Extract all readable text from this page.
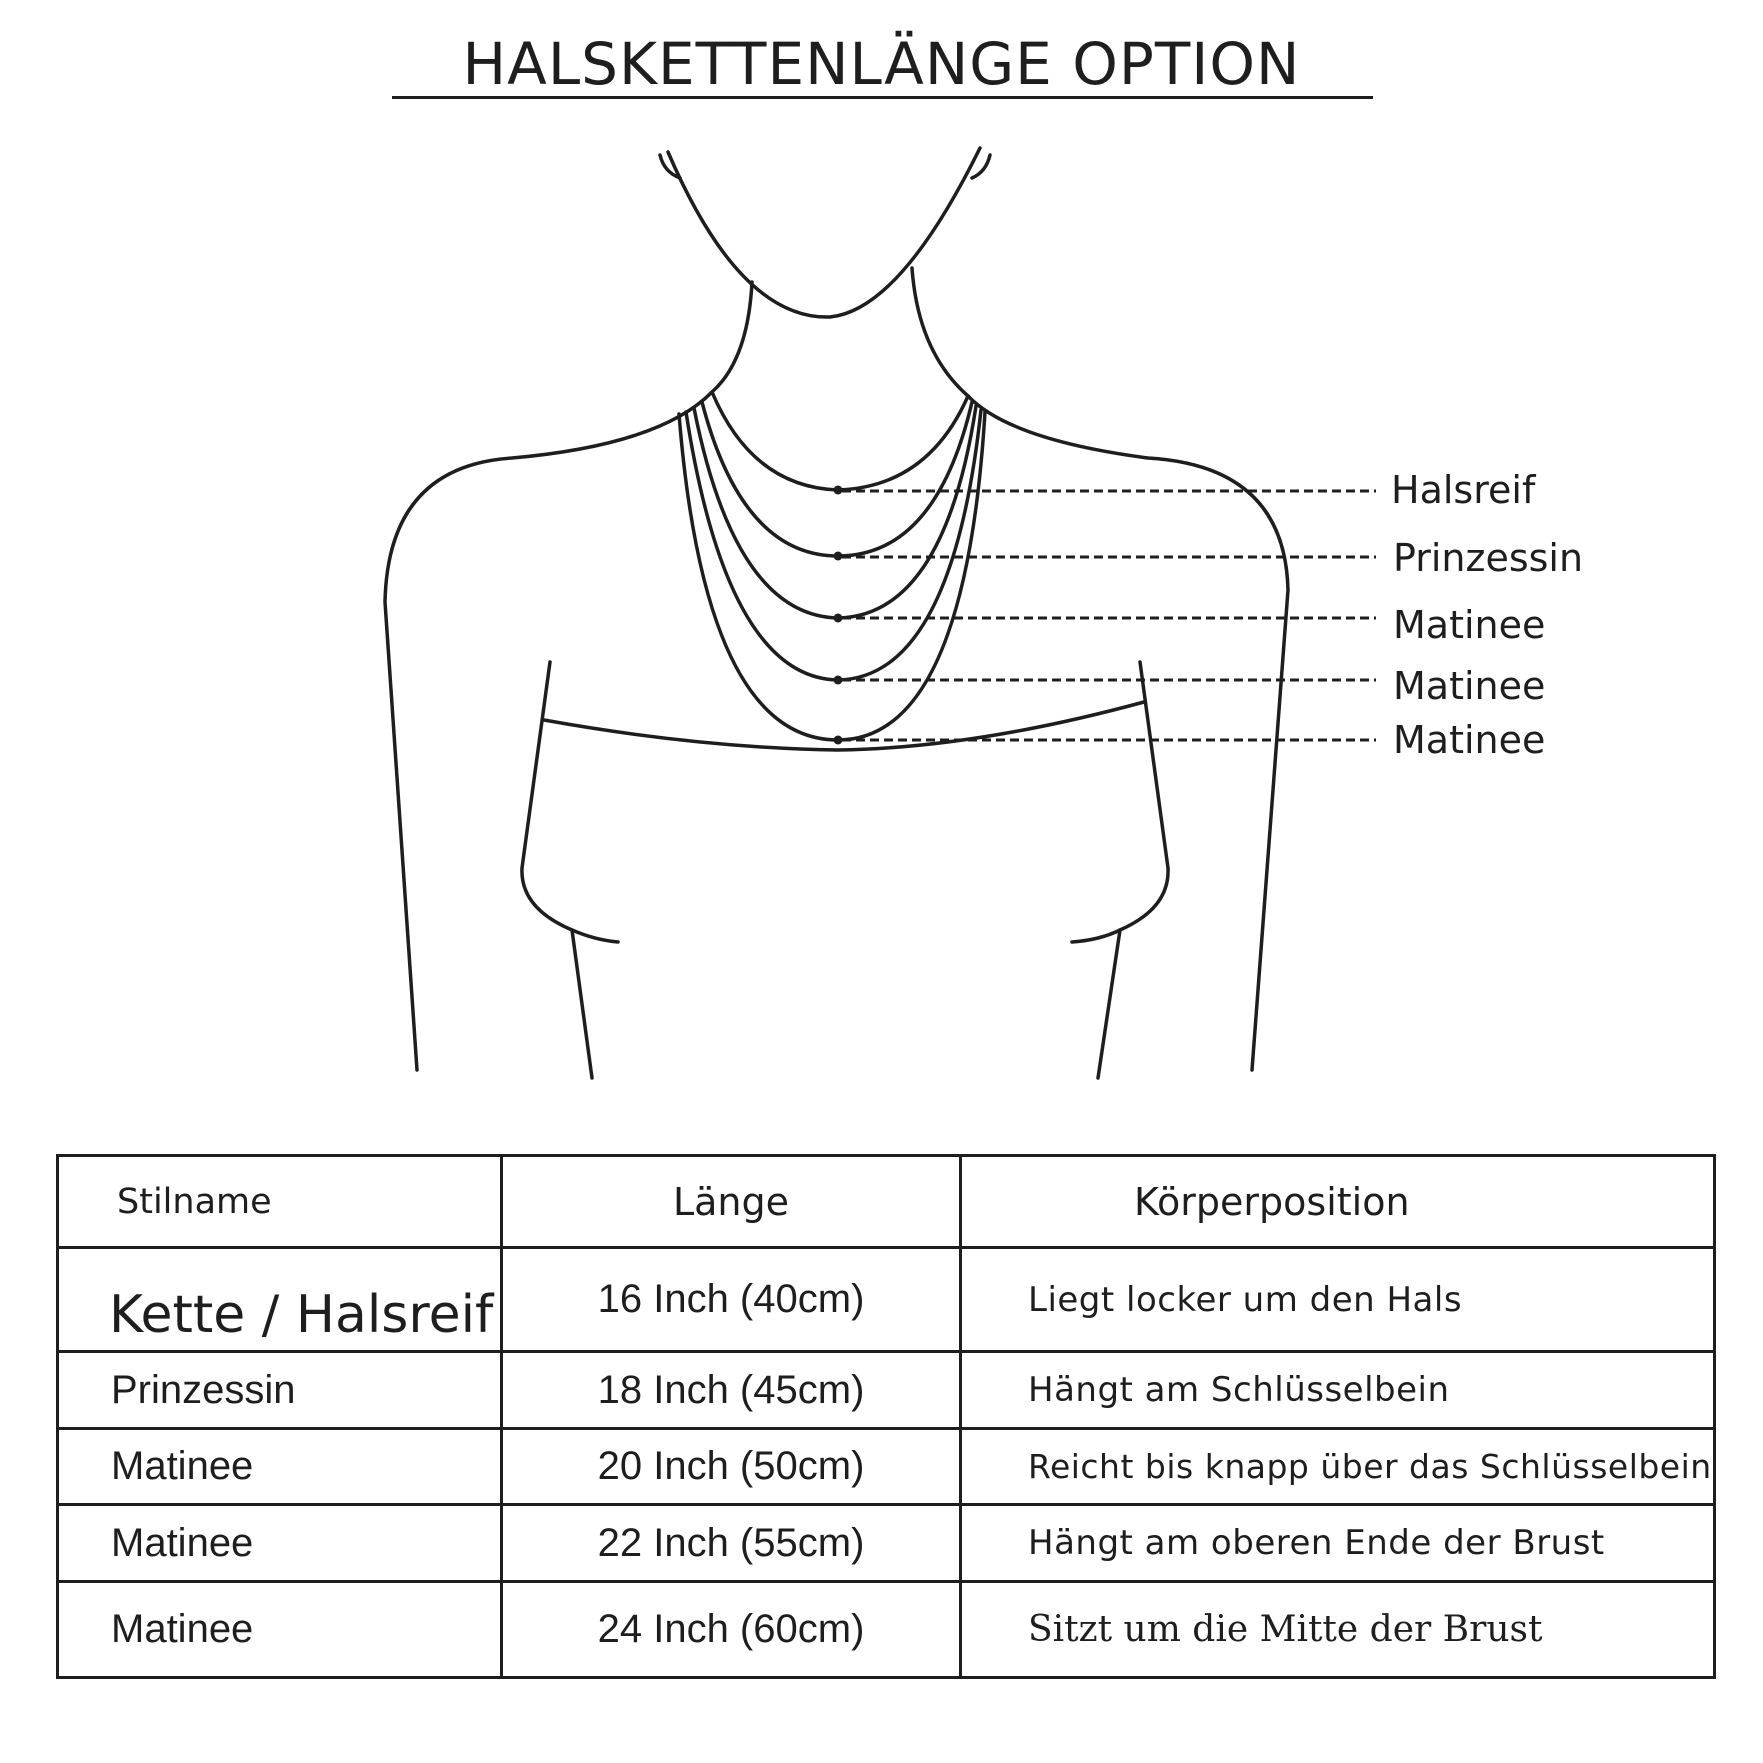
HALSKETTENLÄNGE OPTION
Halsreif
Prinzessin
Matinee
Matinee
Matinee
Stilname	Länge	Körperposition
Kette / Halsreif	16 Inch (40cm)	Liegt locker um den Hals
Prinzessin	18 Inch (45cm)	Hängt am Schlüsselbein
Matinee	20 Inch (50cm)	Reicht bis knapp über das Schlüsselbein
Matinee	22 Inch (55cm)	Hängt am oberen Ende der Brust
Matinee	24 Inch (60cm)	Sitzt um die Mitte der Brust
